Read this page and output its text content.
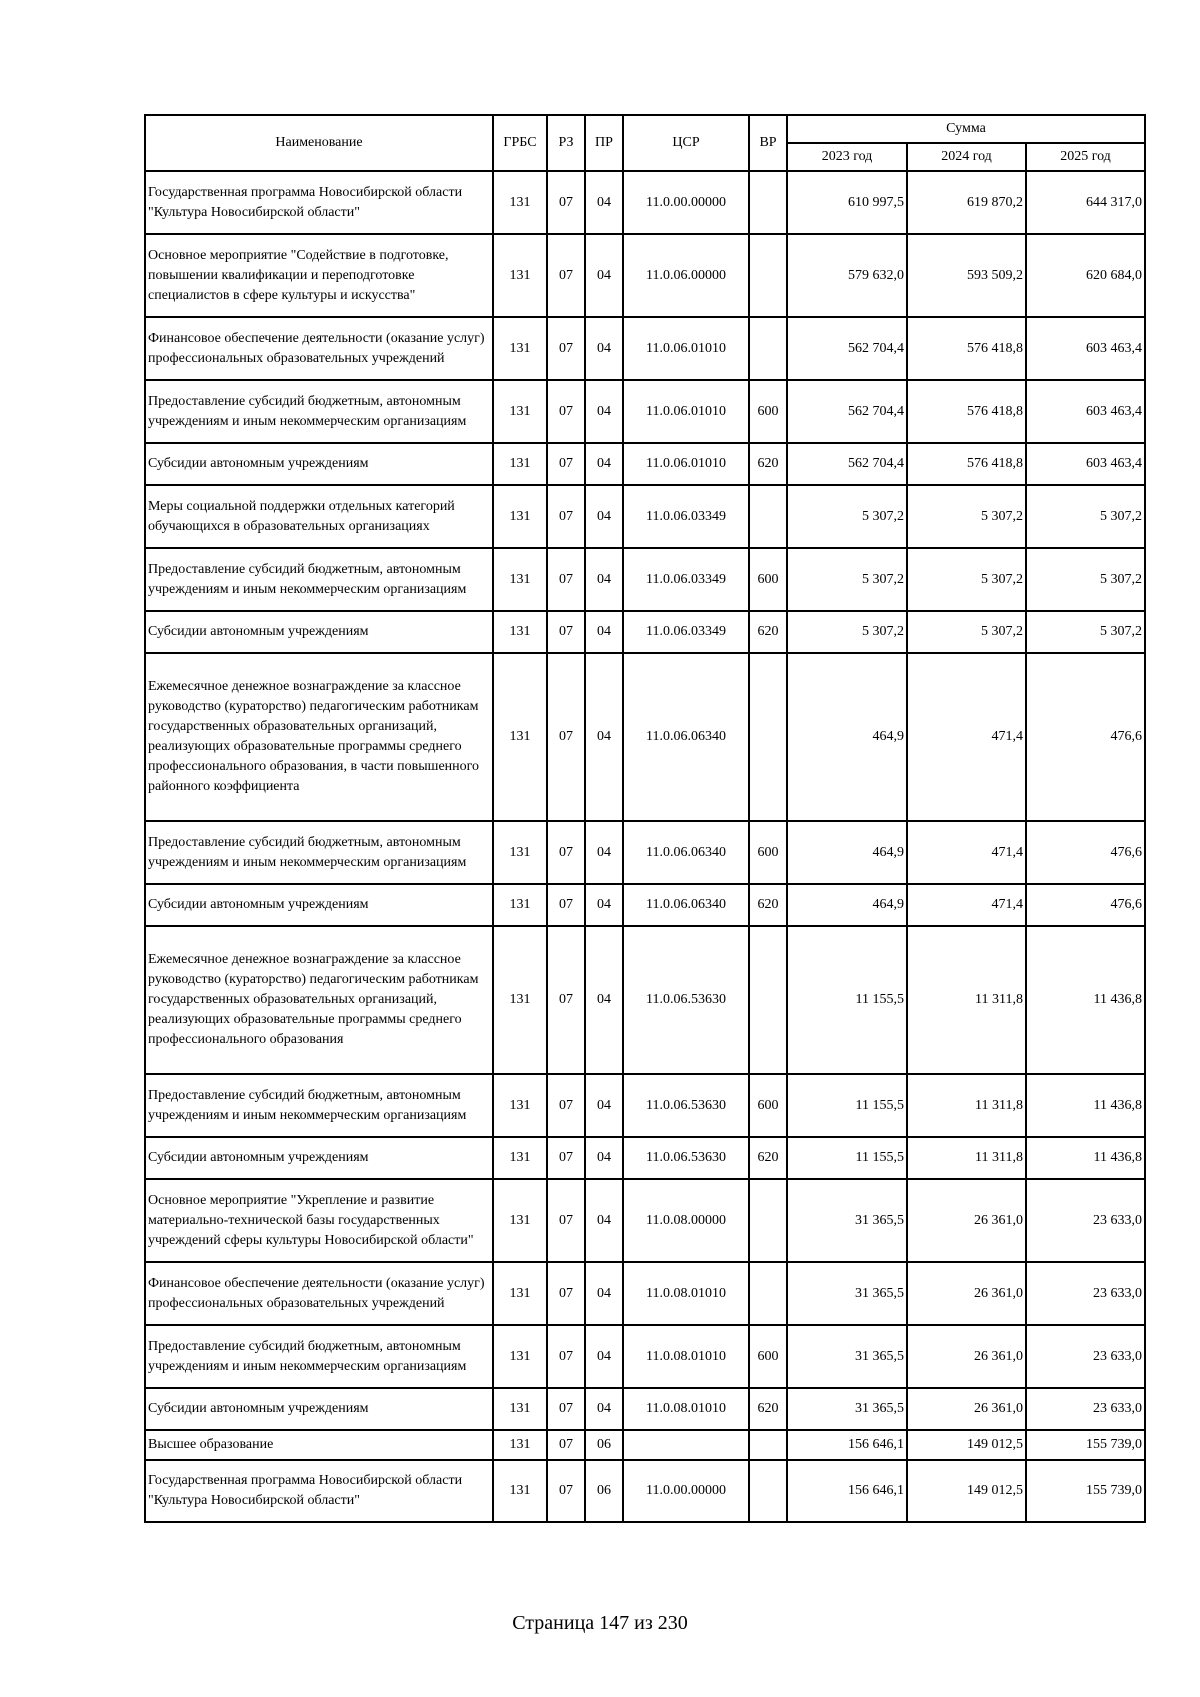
Наименование	ГРБС	РЗ	ПР	ЦСР	ВР	Сумма		
						2023 год	2024 год	2025 год
Государственная программа Новосибирской области "Культура Новосибирской области"	131	07	04	11.0.00.00000		610 997,5	619 870,2	644 317,0
Основное мероприятие "Содействие в подготовке, повышении квалификации и переподготовке специалистов в сфере культуры и искусства"	131	07	04	11.0.06.00000		579 632,0	593 509,2	620 684,0
Финансовое обеспечение деятельности (оказание услуг) профессиональных образовательных учреждений	131	07	04	11.0.06.01010		562 704,4	576 418,8	603 463,4
Предоставление субсидий бюджетным, автономным учреждениям и иным некоммерческим организациям	131	07	04	11.0.06.01010	600	562 704,4	576 418,8	603 463,4
Субсидии автономным учреждениям	131	07	04	11.0.06.01010	620	562 704,4	576 418,8	603 463,4
Меры социальной поддержки отдельных категорий обучающихся в образовательных организациях	131	07	04	11.0.06.03349		5 307,2	5 307,2	5 307,2
Предоставление субсидий бюджетным, автономным учреждениям и иным некоммерческим организациям	131	07	04	11.0.06.03349	600	5 307,2	5 307,2	5 307,2
Субсидии автономным учреждениям	131	07	04	11.0.06.03349	620	5 307,2	5 307,2	5 307,2
Ежемесячное денежное вознаграждение за классное руководство (кураторство) педагогическим работникам государственных образовательных организаций, реализующих образовательные программы среднего профессионального образования, в части повышенного районного коэффициента	131	07	04	11.0.06.06340		464,9	471,4	476,6
Предоставление субсидий бюджетным, автономным учреждениям и иным некоммерческим организациям	131	07	04	11.0.06.06340	600	464,9	471,4	476,6
Субсидии автономным учреждениям	131	07	04	11.0.06.06340	620	464,9	471,4	476,6
Ежемесячное денежное вознаграждение за классное руководство (кураторство) педагогическим работникам государственных образовательных организаций, реализующих образовательные программы среднего профессионального образования	131	07	04	11.0.06.53630		11 155,5	11 311,8	11 436,8
Предоставление субсидий бюджетным, автономным учреждениям и иным некоммерческим организациям	131	07	04	11.0.06.53630	600	11 155,5	11 311,8	11 436,8
Субсидии автономным учреждениям	131	07	04	11.0.06.53630	620	11 155,5	11 311,8	11 436,8
Основное мероприятие "Укрепление и развитие материально-технической базы государственных учреждений сферы культуры Новосибирской области"	131	07	04	11.0.08.00000		31 365,5	26 361,0	23 633,0
Финансовое обеспечение деятельности (оказание услуг) профессиональных образовательных учреждений	131	07	04	11.0.08.01010		31 365,5	26 361,0	23 633,0
Предоставление субсидий бюджетным, автономным учреждениям и иным некоммерческим организациям	131	07	04	11.0.08.01010	600	31 365,5	26 361,0	23 633,0
Субсидии автономным учреждениям	131	07	04	11.0.08.01010	620	31 365,5	26 361,0	23 633,0
Высшее образование	131	07	06			156 646,1	149 012,5	155 739,0
Государственная программа Новосибирской области "Культура Новосибирской области"	131	07	06	11.0.00.00000		156 646,1	149 012,5	155 739,0
Страница 147 из 230
